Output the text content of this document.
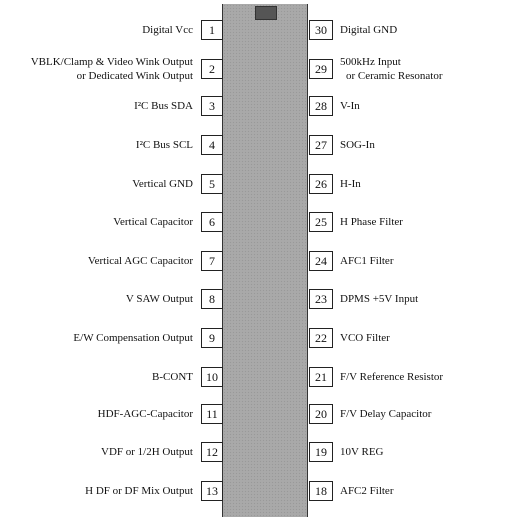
1
Digital Vcc
2
VBLK/Clamp & Video Wink Output
or Dedicated Wink Output
3
I²C Bus SDA
4
I²C Bus SCL
5
Vertical GND
6
Vertical Capacitor
7
Vertical AGC Capacitor
8
V SAW Output
9
E/W Compensation Output
10
B-CONT
11
HDF-AGC-Capacitor
12
VDF or 1/2H Output
13
H DF or DF Mix Output
30	Digital GND
29	500kHz Input
or Ceramic Resonator
28	V-In
27	SOG-In
26	H-In
25	H Phase Filter
24	AFC1 Filter
23	DPMS +5V Input
22	VCO Filter
21	F/V Reference Resistor
20	F/V Delay Capacitor
19	10V REG
18	AFC2 Filter
